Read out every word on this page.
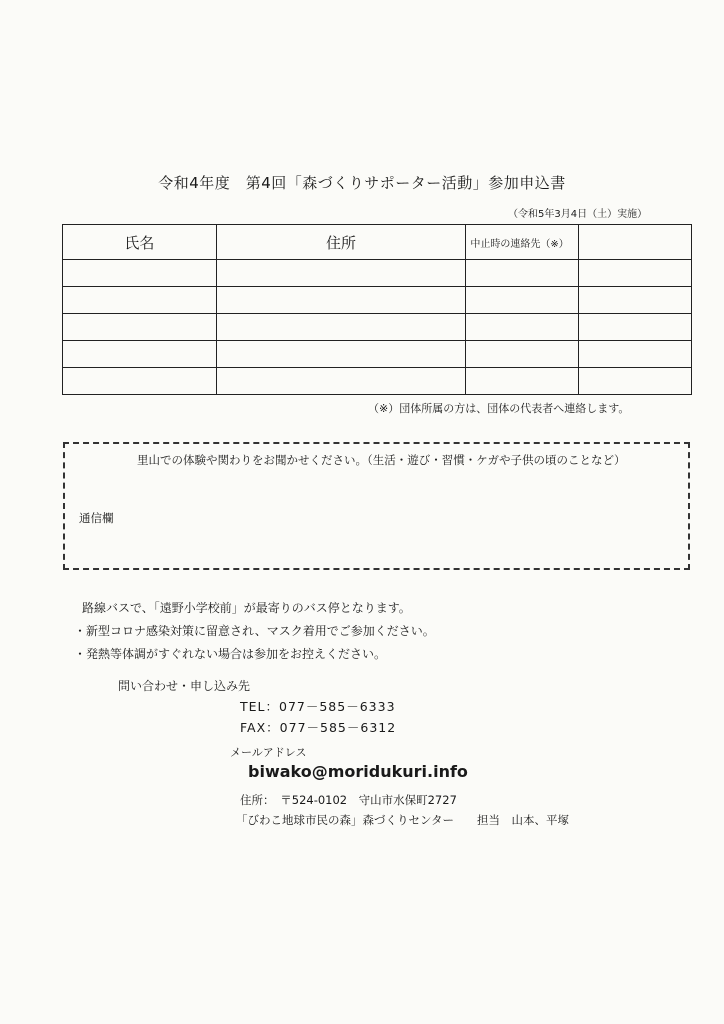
令和4年度　第4回「森づくりサポーター活動」参加申込書
（令和5年3月4日（土）実施）
氏名	住所	中止時の連絡先（※）	

（※）団体所属の方は、団体の代表者へ連絡します。
里山での体験や関わりをお聞かせください。（生活・遊び・習慣・ケガや子供の頃のことなど）
通信欄
路線バスで、「遠野小学校前」が最寄りのバス停となります。
・新型コロナ感染対策に留意され、マスク着用でご参加ください。
・発熱等体調がすぐれない場合は参加をお控えください。
問い合わせ・申し込み先
TEL：077－585－6333
FAX：077－585－6312
メールアドレス
biwako@moridukuri.info
住所：　〒524-0102　守山市水保町2727
「びわこ地球市民の森」森づくりセンター　　担当　山本、平塚
